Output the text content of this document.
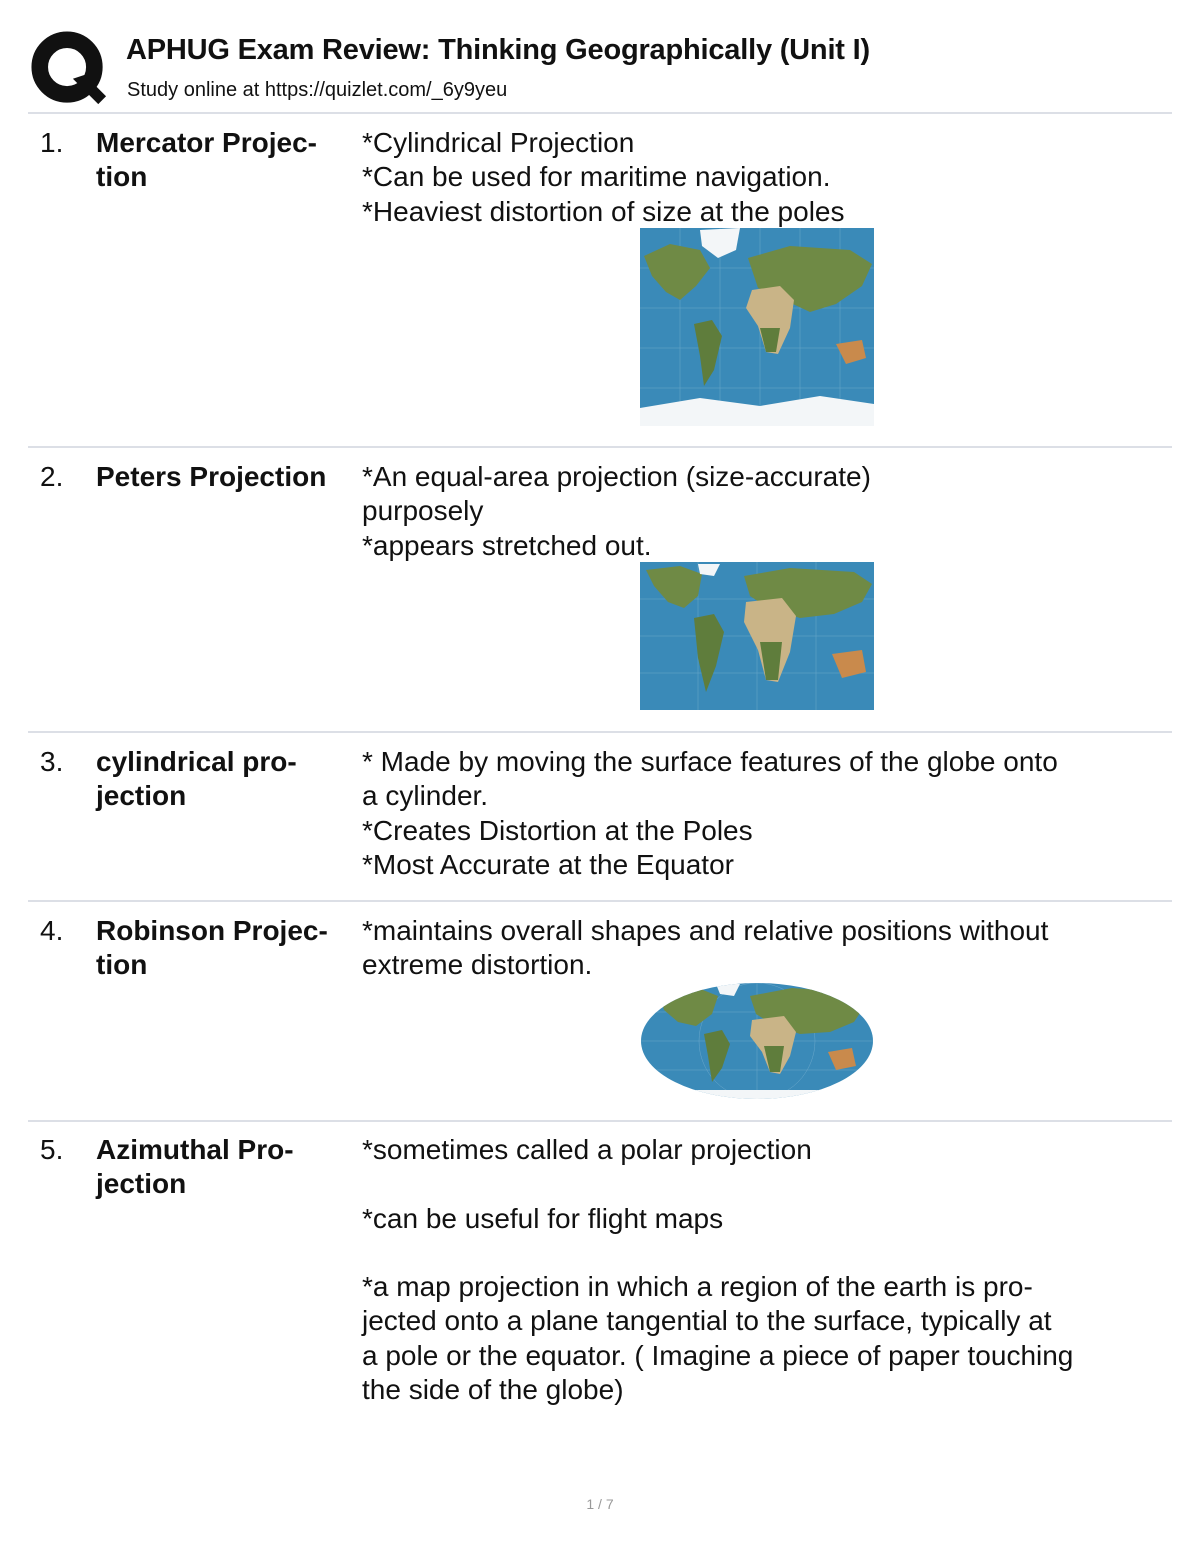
APHUG Exam Review: Thinking Geographically (Unit I)
Study online at https://quizlet.com/_6y9yeu
1. Mercator Projec-
tion
*Cylindrical Projection
*Can be used for maritime navigation.
*Heaviest distortion of size at the poles
2. Peters Projection	*An equal-area projection (size-accurate)
purposely
*appears stretched out.
3. cylindrical pro-
jection
* Made by moving the surface features of the globe onto
a cylinder.
*Creates Distortion at the Poles
*Most Accurate at the Equator
4. Robinson Projec-
tion
*maintains overall shapes and relative positions without
extreme distortion.
5. Azimuthal Pro-
jection
*sometimes called a polar projection
*can be useful for flight maps
*a map projection in which a region of the earth is pro-
jected onto a plane tangential to the surface, typically at
a pole or the equator. ( Imagine a piece of paper touching
the side of the globe)
1 / 7
